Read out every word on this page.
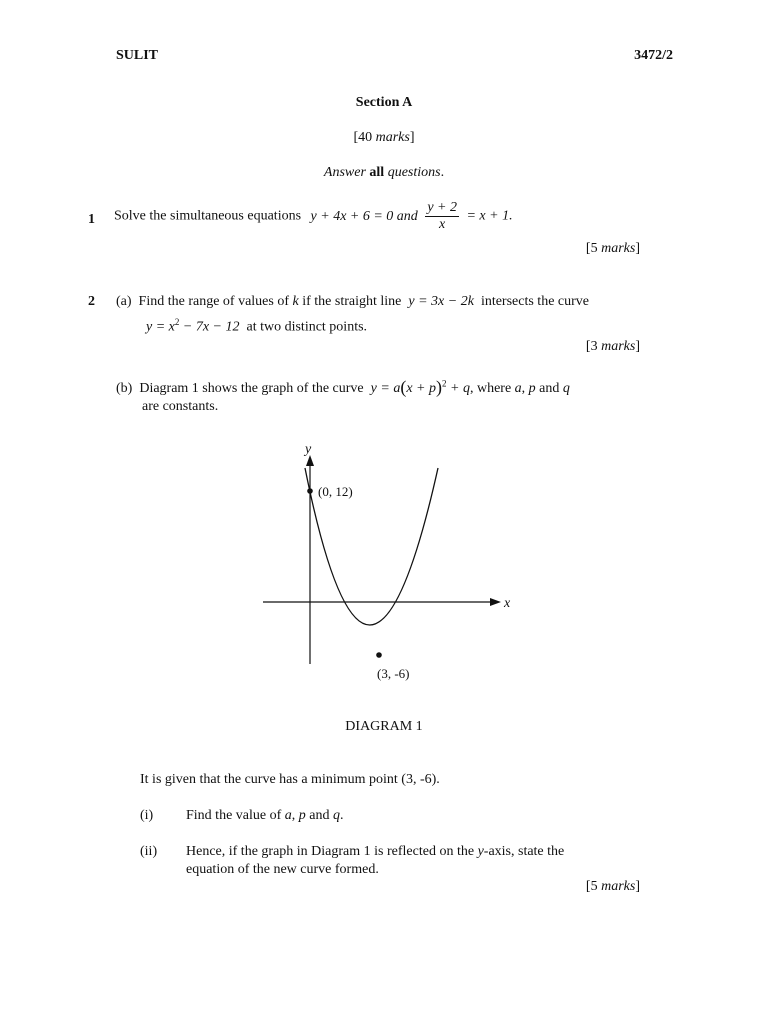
SULIT	3472/2
Section A
[40 marks]
Answer all questions.
1 Solve the simultaneous equations y + 4x + 6 = 0 and $\frac{y + 2}{x} = x + 1$.
[5 marks]
2 (a) Find the range of values of k if the straight line y = 3x − 2k intersects the curve
$y = x^2 - 7x - 12$ at two distinct points.
[3 marks]
(b) Diagram 1 shows the graph of the curve $y = a(x + p)^2 + q$, where a, p and q
are constants.
y
x
(0, 12)
(3, -6)
DIAGRAM 1
It is given that the curve has a minimum point (3, -6).
(i) Find the value of a, p and q.
(ii) Hence, if the graph in Diagram 1 is reflected on the y-axis, state the
equation of the new curve formed.
[5 marks]
